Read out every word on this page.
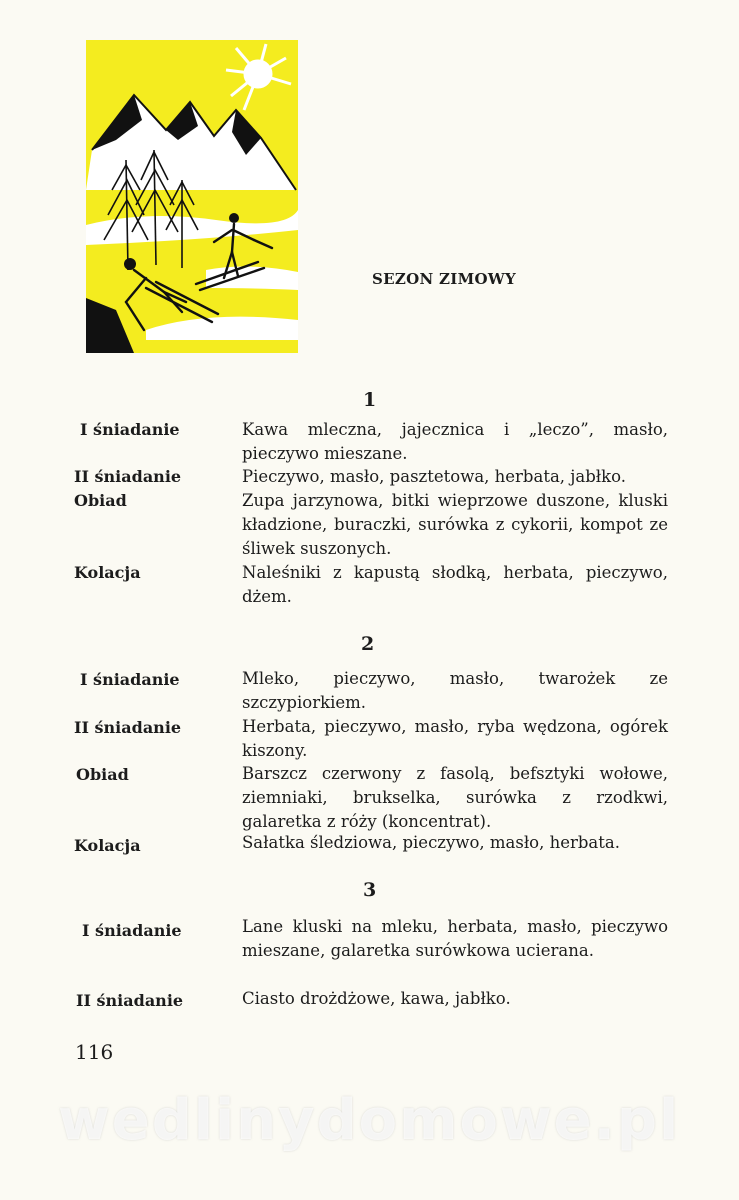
SEZON ZIMOWY
1
I śniadanie	Kawa mleczna, jajecznica i „leczo”, masło, pieczywo mieszane.
II śniadanie	Pieczywo, masło, pasztetowa, herbata, jabłko.
Obiad	Zupa jarzynowa, bitki wieprzowe duszone, kluski kładzione, buraczki, surówka z cykorii, kompot ze śliwek suszonych.
Kolacja	Naleśniki z kapustą słodką, herbata, pieczywo, dżem.
2
I śniadanie	Mleko, pieczywo, masło, twarożek ze szczypiorkiem.
II śniadanie	Herbata, pieczywo, masło, ryba wędzona, ogórek kiszony.
Obiad	Barszcz czerwony z fasolą, befsztyki wołowe, ziemniaki, brukselka, surówka z rzodkwi, galaretka z róży (koncentrat).
Kolacja	Sałatka śledziowa, pieczywo, masło, herbata.
3
I śniadanie	Lane kluski na mleku, herbata, masło, pieczywo mieszane, galaretka surówkowa ucierana.
II śniadanie	Ciasto drożdżowe, kawa, jabłko.
116
wedlinydomowe.pl
